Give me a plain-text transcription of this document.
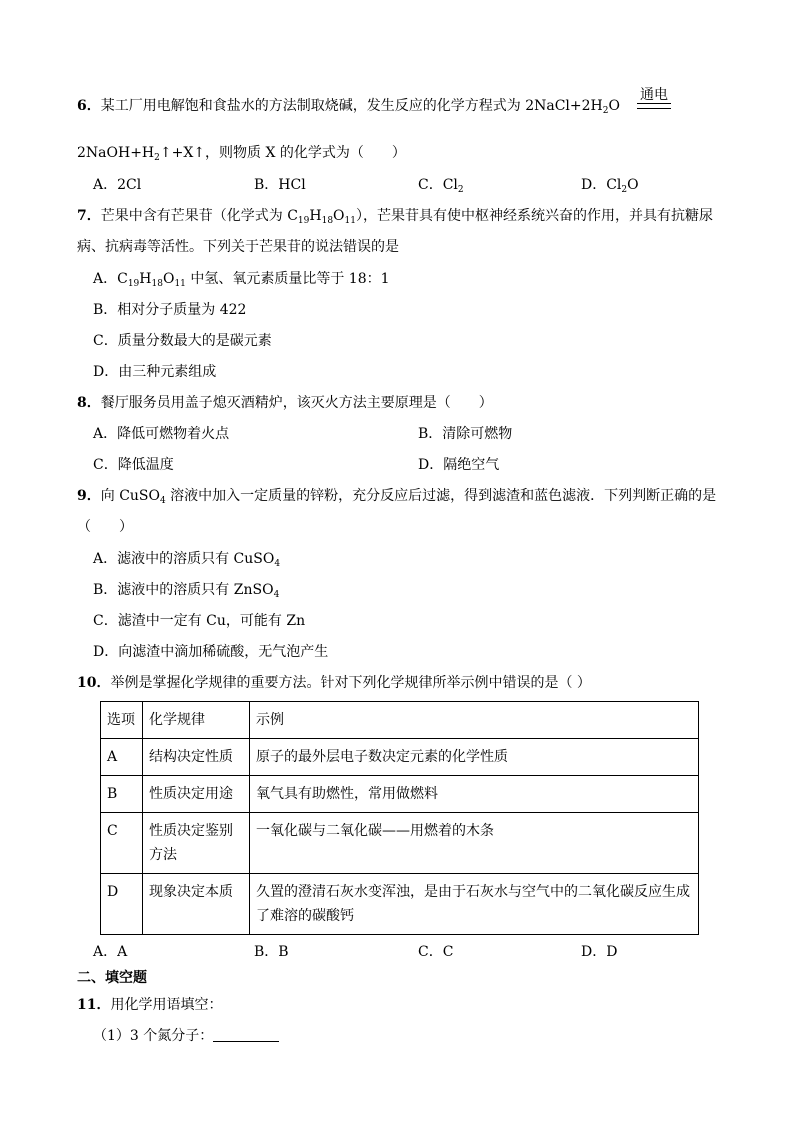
6．某工厂用电解饱和食盐水的方法制取烧碱，发生反应的化学方程式为 $2NaCl+2H_2O$
通电
$2NaOH+H_2↑+X↑$，则物质 X 的化学式为（　　）
A．2Cl	B．HCl	C．$Cl_2$	D．$Cl_2O$
7．芒果中含有芒果苷（化学式为 $C_{19}H_{18}O_{11}$），芒果苷具有使中枢神经系统兴奋的作用，并具有抗糖尿
病、抗病毒等活性。下列关于芒果苷的说法错误的是
A．$C_{19}H_{18}O_{11}$ 中氢、氧元素质量比等于 18：1
B．相对分子质量为 422
C．质量分数最大的是碳元素
D．由三种元素组成
8．餐厅服务员用盖子熄灭酒精炉，该灭火方法主要原理是（　　）
A．降低可燃物着火点	B．清除可燃物
C．降低温度	D．隔绝空气
9．向 CuSO$_4$ 溶液中加入一定质量的锌粉，充分反应后过滤，得到滤渣和蓝色滤液．下列判断正确的是
（　　）
A．滤液中的溶质只有 CuSO$_4$
B．滤液中的溶质只有 ZnSO$_4$
C．滤渣中一定有 Cu，可能有 Zn
D．向滤渣中滴加稀硫酸，无气泡产生
10．举例是掌握化学规律的重要方法。针对下列化学规律所举示例中错误的是（ ）
选项	化学规律	示例
A	结构决定性质	原子的最外层电子数决定元素的化学性质
B	性质决定用途	氧气具有助燃性，常用做燃料
C	性质决定鉴别方法	一氧化碳与二氧化碳——用燃着的木条
D	现象决定本质	久置的澄清石灰水变浑浊，是由于石灰水与空气中的二氧化碳反应生成了难溶的碳酸钙
A．A	B．B	C．C	D．D
二、填空题
11．用化学用语填空：
（1）3 个氮分子：
